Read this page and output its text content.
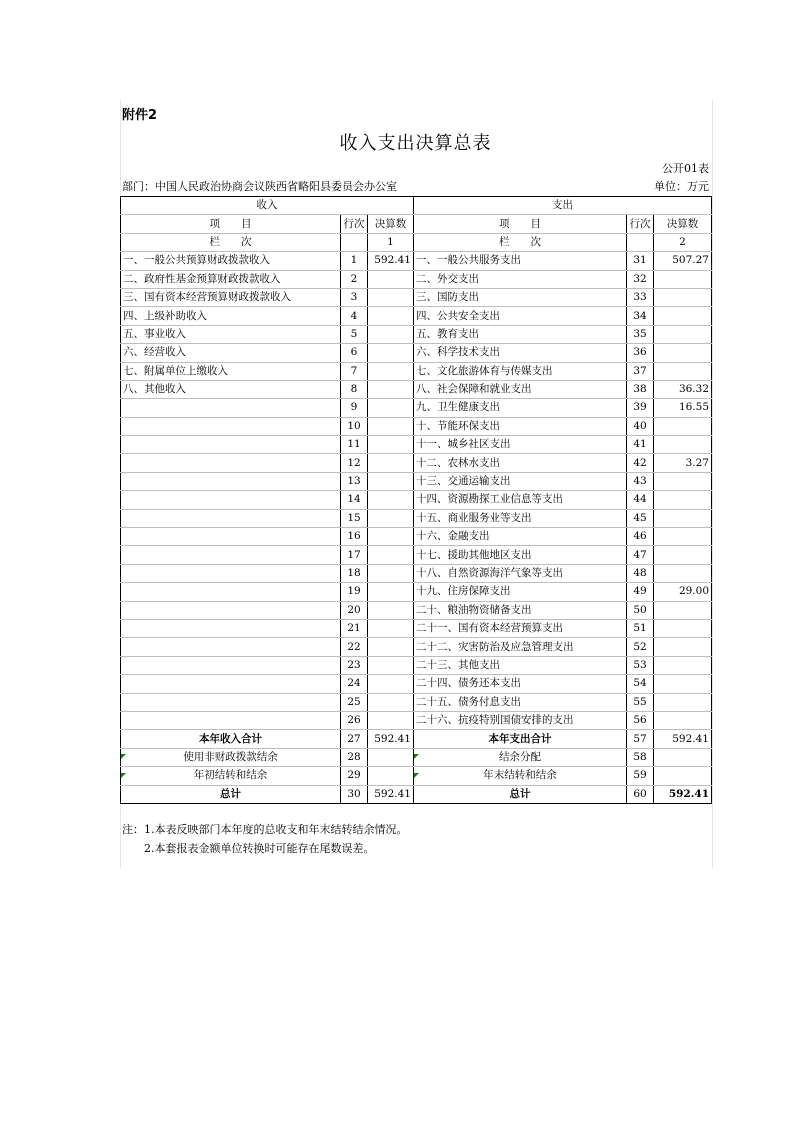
附件2
收入支出决算总表
公开01表
部门：中国人民政治协商会议陕西省略阳县委员会办公室	单位：万元
收入			支出		
项　　目	行次	决算数	项　　目	行次	决算数
栏　　次		1	栏　　次		2
一、一般公共预算财政拨款收入	1	592.41	一、一般公共服务支出	31	507.27
二、政府性基金预算财政拨款收入	2		二、外交支出	32	
三、国有资本经营预算财政拨款收入	3		三、国防支出	33	
四、上级补助收入	4		四、公共安全支出	34	
五、事业收入	5		五、教育支出	35	
六、经营收入	6		六、科学技术支出	36	
七、附属单位上缴收入	7		七、文化旅游体育与传媒支出	37	
八、其他收入	8		八、社会保障和就业支出	38	36.32
	9		九、卫生健康支出	39	16.55
	10		十、节能环保支出	40	
	11		十一、城乡社区支出	41	
	12		十二、农林水支出	42	3.27
	13		十三、交通运输支出	43	
	14		十四、资源勘探工业信息等支出	44	
	15		十五、商业服务业等支出	45	
	16		十六、金融支出	46	
	17		十七、援助其他地区支出	47	
	18		十八、自然资源海洋气象等支出	48	
	19		十九、住房保障支出	49	29.00
	20		二十、粮油物资储备支出	50	
	21		二十一、国有资本经营预算支出	51	
	22		二十二、灾害防治及应急管理支出	52	
	23		二十三、其他支出	53	
	24		二十四、债务还本支出	54	
	25		二十五、债务付息支出	55	
	26		二十六、抗疫特别国债安排的支出	56	
本年收入合计	27	592.41	本年支出合计	57	592.41
使用非财政拨款结余	28		结余分配	58	
年初结转和结余	29		年末结转和结余	59	
总计	30	592.41	总计	60	592.41
注：1.本表反映部门本年度的总收支和年末结转结余情况。
2.本套报表金额单位转换时可能存在尾数误差。
